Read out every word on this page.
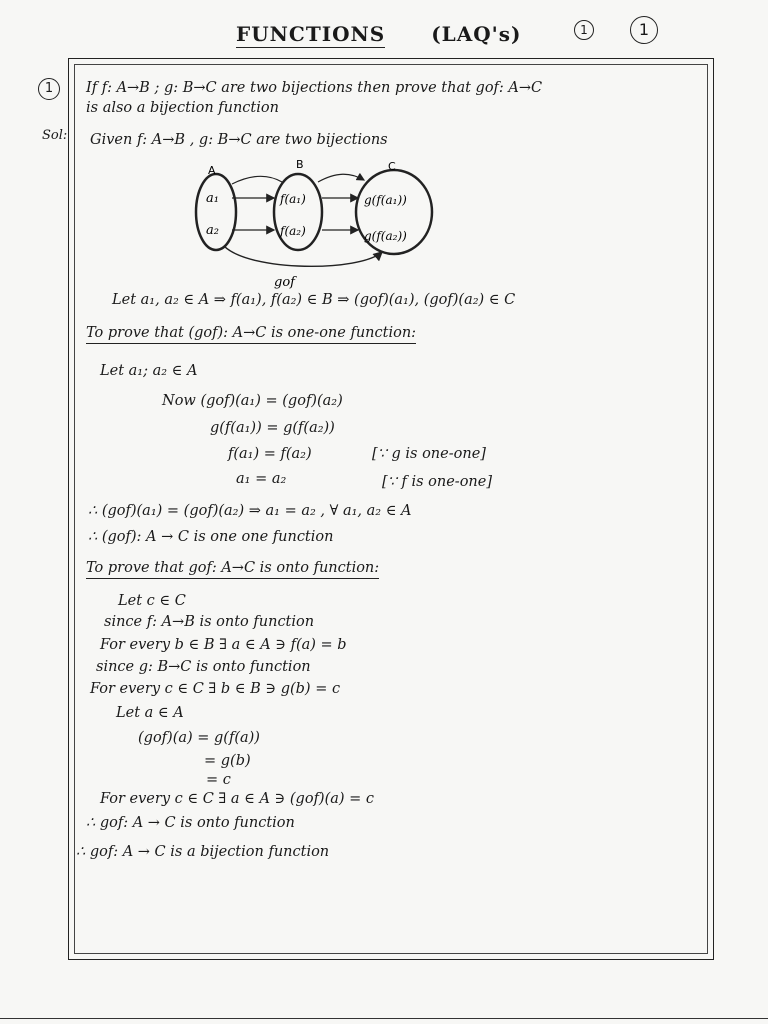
FUNCTIONS (LAQ's)	1	1
1	If f: A→B ; g: B→C are two bijections then prove that gof: A→C
is also a bijection function
Sol: Given f: A→B , g: B→C are two bijections
A	B	C
a₁
a₂
f(a₁)
f(a₂)
g(f(a₁))
g(f(a₂))
gof
Let a₁, a₂ ∈ A ⇒ f(a₁), f(a₂) ∈ B ⇒ (gof)(a₁), (gof)(a₂) ∈ C
To prove that (gof): A→C is one-one function:
Let a₁; a₂ ∈ A
Now (gof)(a₁) = (gof)(a₂)
g(f(a₁)) = g(f(a₂))
f(a₁) = f(a₂)
a₁ = a₂
[∵ g is one-one]
[∵ f is one-one]
∴ (gof)(a₁) = (gof)(a₂) ⇒ a₁ = a₂ , ∀ a₁, a₂ ∈ A
∴ (gof): A → C is one one function
To prove that gof: A→C is onto function:
Let c ∈ C
since f: A→B is onto function
For every b ∈ B ∃ a ∈ A ∋ f(a) = b
since g: B→C is onto function
For every c ∈ C ∃ b ∈ B ∋ g(b) = c
Let a ∈ A
(gof)(a) = g(f(a))
= g(b)
= c
For every c ∈ C ∃ a ∈ A ∋ (gof)(a) = c
∴ gof: A → C is onto function
∴ gof: A → C is a bijection function
